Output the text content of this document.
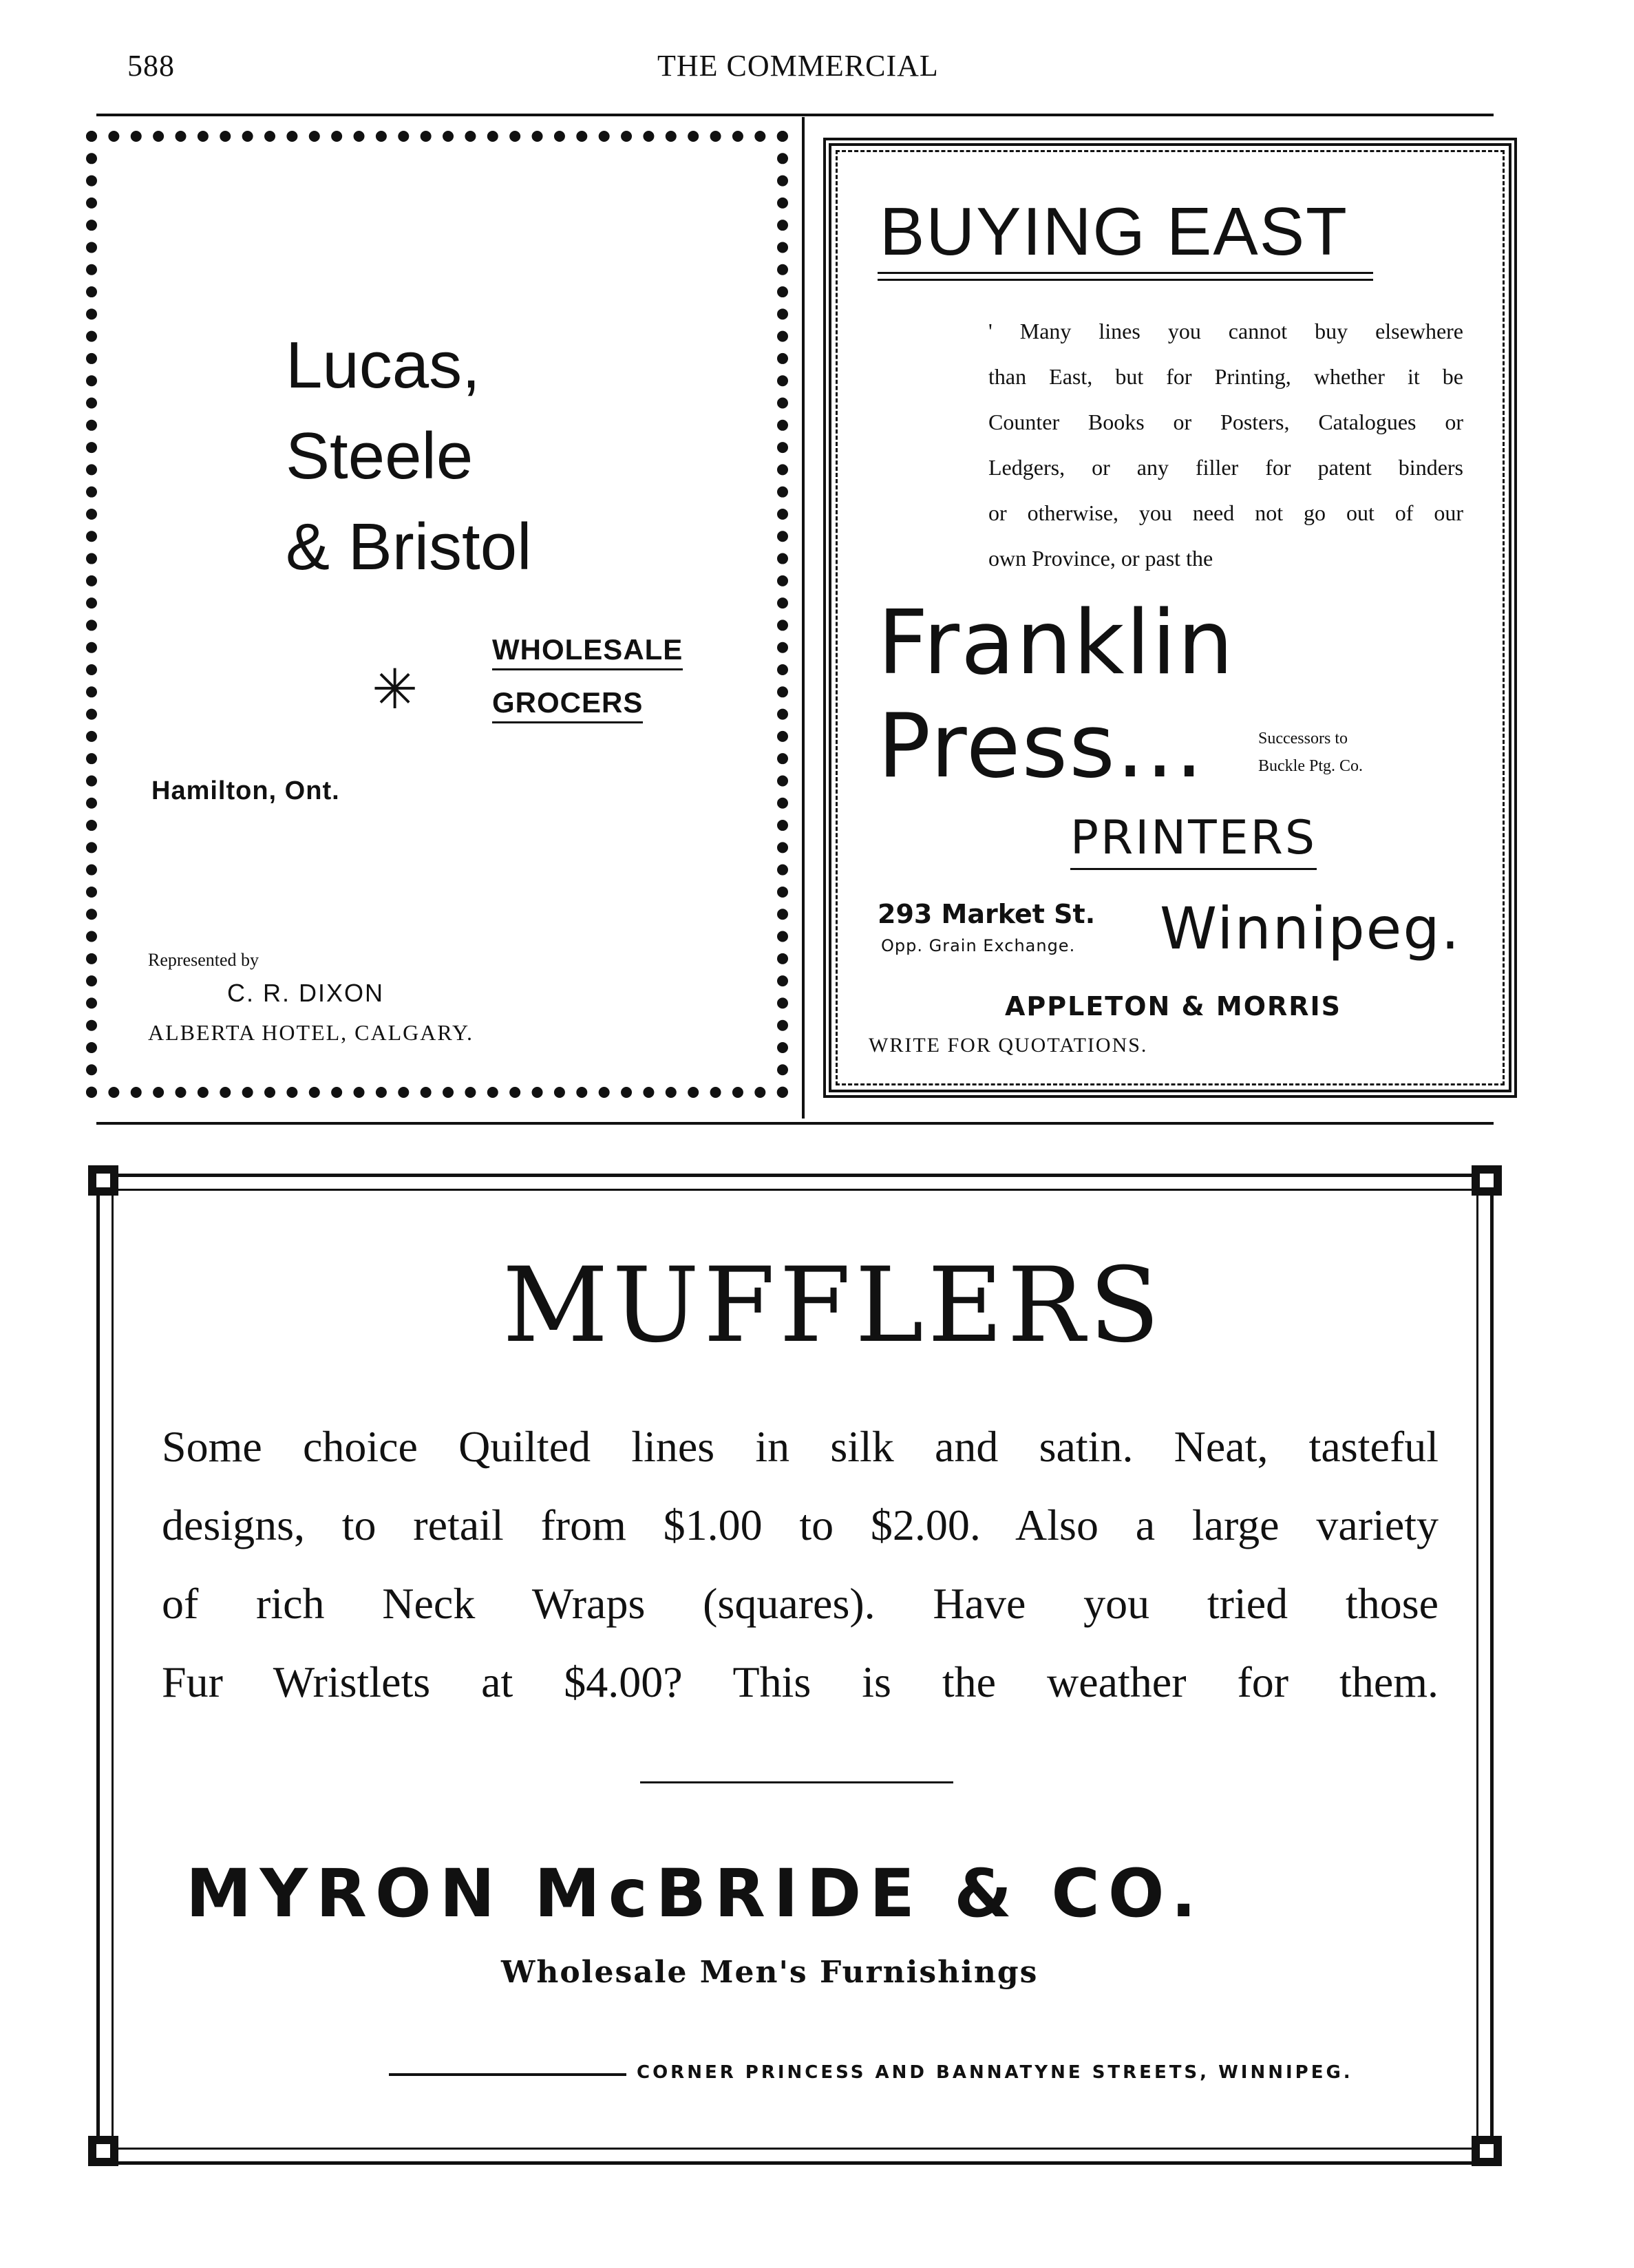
588	THE COMMERCIAL
Lucas,
Steele
& Bristol
✳
WHOLESALE
GROCERS
Hamilton, Ont.
Represented by
C. R. DIXON
ALBERTA HOTEL, CALGARY.
BUYING EAST
' Many lines you cannot buy elsewhere
than East, but for Printing, whether it be
Counter Books or Posters, Catalogues or
Ledgers, or any filler for patent binders
or otherwise, you need not go out of our
own Province, or past the
Franklin
Press...	Successors to
Buckle Ptg. Co.
PRINTERS
293 Market St.
Opp. Grain Exchange. Winnipeg.
APPLETON & MORRIS
WRITE FOR QUOTATIONS.
MUFFLERS
Some choice Quilted lines in silk and satin. Neat, tasteful
designs, to retail from $1.00 to $2.00. Also a large variety
of rich Neck Wraps (squares). Have you tried those
Fur Wristlets at $4.00? This is the weather for them.
MYRON McBRIDE & CO.
Wholesale Men's Furnishings
CORNER PRINCESS AND BANNATYNE STREETS, WINNIPEG.
